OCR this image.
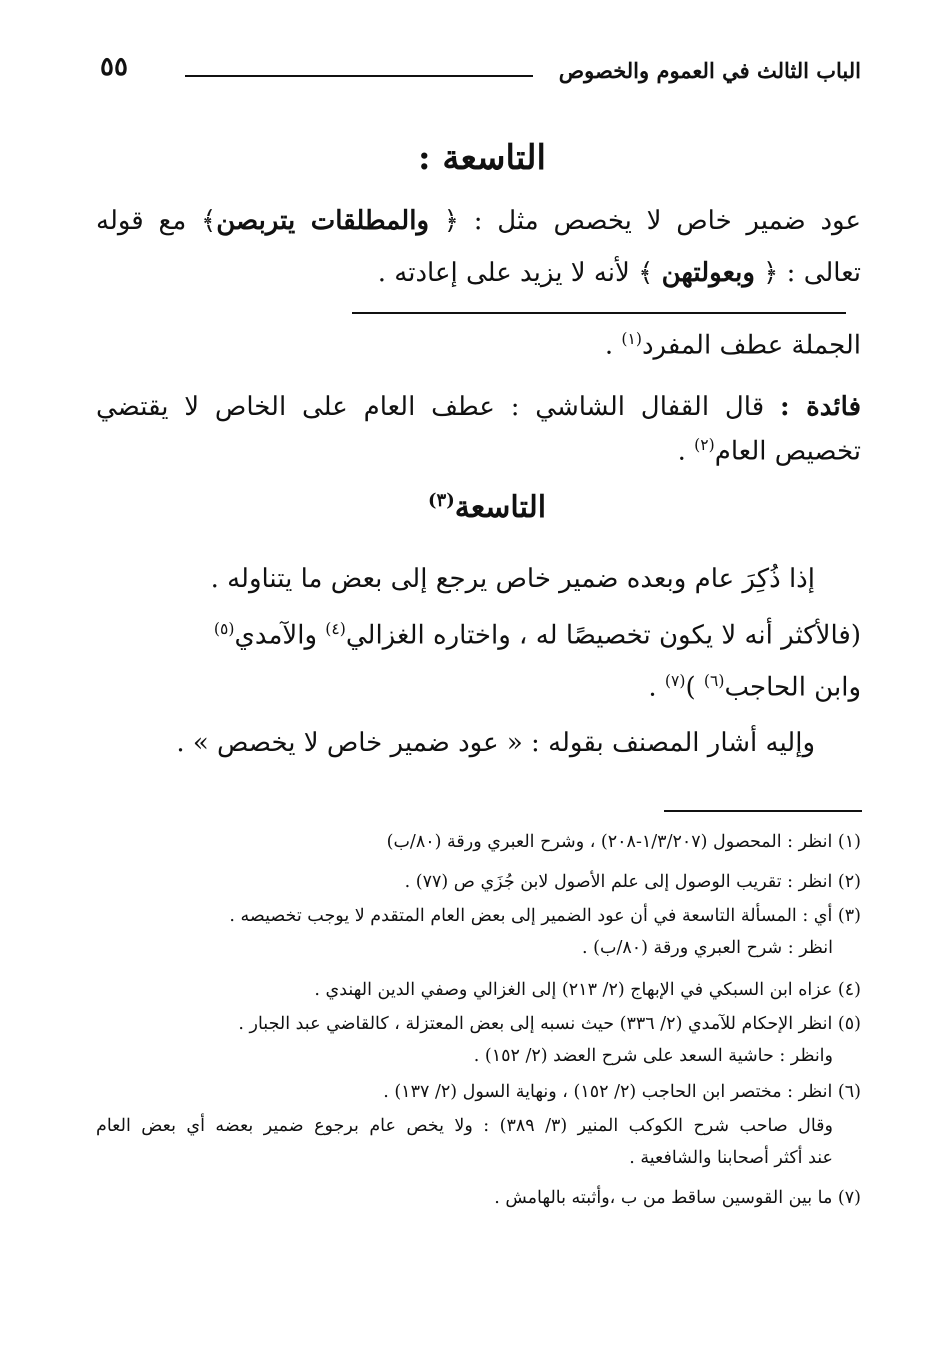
الباب الثالث في العموم والخصوص
٥٥
التاسعة :
عود ضمير خاص لا يخصص مثل : ﴿ والمطلقات يتربصن﴾ مع قوله
تعالى : ﴿ وبعولتهن ﴾ لأنه لا يزيد على إعادته .
الجملة عطف المفرد$^{(١)}$ .
فائدة : قال القفال الشاشي : عطف العام على الخاص لا يقتضي
تخصيص العام$^{(٢)}$ .
التاسعة$^{(٣)}$
إذا ذُكِرَ عام وبعده ضمير خاص يرجع إلى بعض ما يتناوله .
(فالأكثر أنه لا يكون تخصيصًا له ، واختاره الغزالي$^{(٤)}$ والآمدي$^{(٥)}$
وابن الحاجب$^{(٦)}$ )$^{(٧)}$ .
وإليه أشار المصنف بقوله : « عود ضمير خاص لا يخصص » .
(١) انظر : المحصول (١/٣/٢٠٧-٢٠٨) ، وشرح العبري ورقة (٨٠/ب)
(٢) انظر : تقريب الوصول إلى علم الأصول لابن جُزَي ص (٧٧) .
(٣) أي : المسألة التاسعة في أن عود الضمير إلى بعض العام المتقدم لا يوجب تخصيصه .
انظر : شرح العبري ورقة (٨٠/ب) .
(٤) عزاه ابن السبكي في الإبهاج (٢/ ٢١٣) إلى الغزالي وصفي الدين الهندي .
(٥) انظر الإحكام للآمدي (٢/ ٣٣٦) حيث نسبه إلى بعض المعتزلة ، كالقاضي عبد الجبار .
وانظر : حاشية السعد على شرح العضد (٢/ ١٥٢) .
(٦) انظر : مختصر ابن الحاجب (٢/ ١٥٢) ، ونهاية السول (٢/ ١٣٧) .
وقال صاحب شرح الكوكب المنير (٣/ ٣٨٩) : ولا يخص عام برجوع ضمير بعضه أي بعض العام
عند أكثر أصحابنا والشافعية .
(٧) ما بين القوسين ساقط من ب ،وأثبته بالهامش .
